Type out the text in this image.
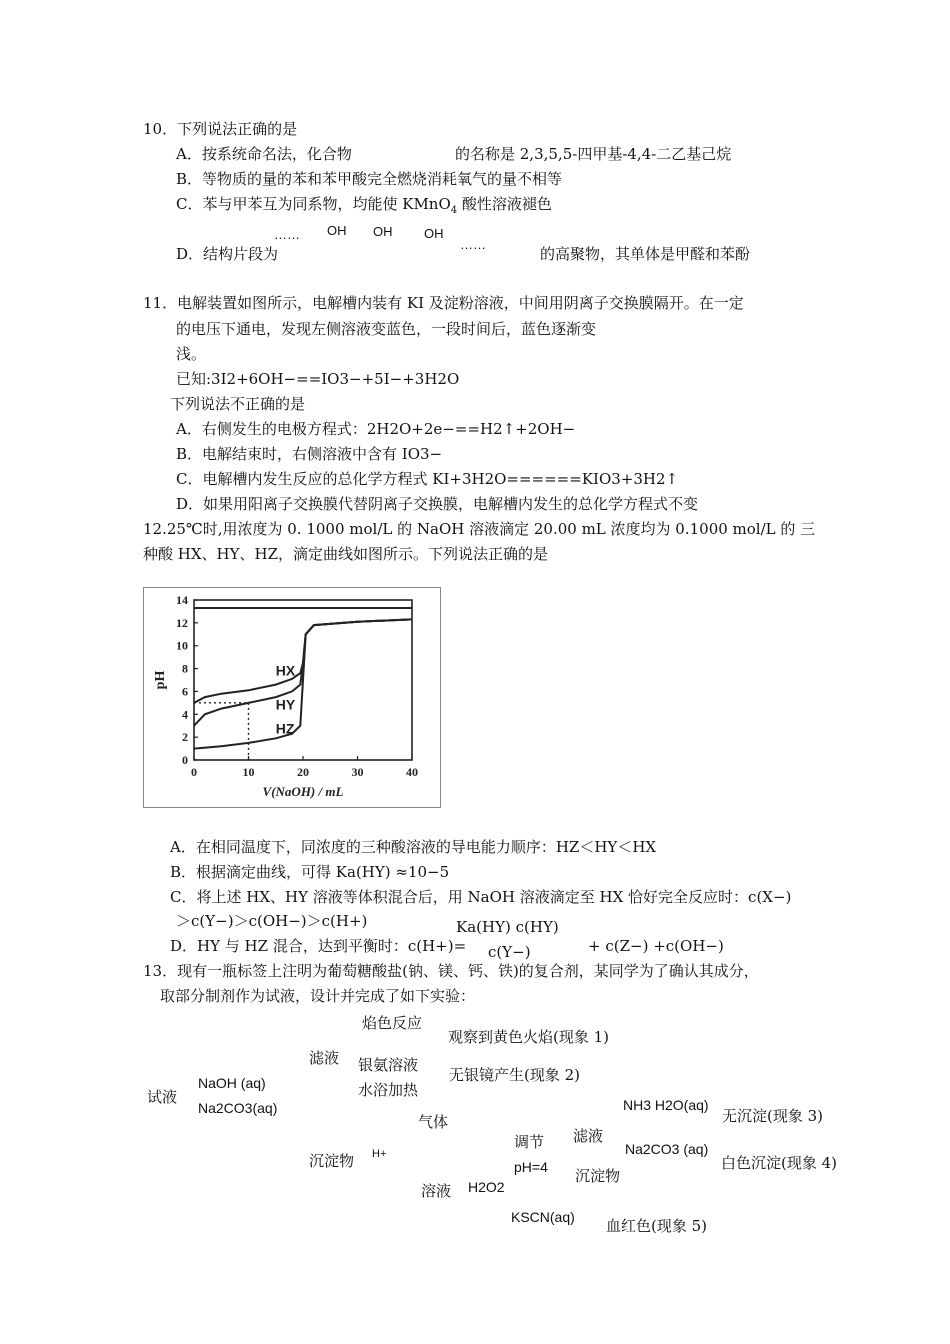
10．下列说法正确的是
A．按系统命名法，化合物	的名称是 2,3,5,5-四甲基-4,4-二乙基己烷
B．等物质的量的苯和苯甲酸完全燃烧消耗氧气的量不相等
C．苯与甲苯互为同系物，均能使 KMnO$_4$ 酸性溶液褪色
…… OH OH OH
D．结构片段为
……
的高聚物，其单体是甲醛和苯酚
11．电解装置如图所示，电解槽内装有 KI 及淀粉溶液，中间用阴离子交换膜隔开。在一定
的电压下通电，发现左侧溶液变蓝色，一段时间后，蓝色逐渐变
浅。
已知:3I2+6OH−==IO3−+5I−+3H2O
下列说法不正确的是
A．右侧发生的电极方程式：2H2O+2e−==H2↑+2OH−
B．电解结束时，右侧溶液中含有 IO3−
C．电解槽内发生反应的总化学方程式 KI+3H2O======KIO3+3H2↑
D．如果用阳离子交换膜代替阴离子交换膜，电解槽内发生的总化学方程式不变
12.25℃时,用浓度为 0. 1000 mol/L 的 NaOH 溶液滴定 20.00 mL 浓度均为 0.1000 mol/L 的 三
种酸 HX、HY、HZ，滴定曲线如图所示。下列说法正确的是
0
2
4
6
8
10
12
14
0	10	20	30	40
V(NaOH) / mL
pH
HX
HY
HZ
A．在相同温度下，同浓度的三种酸溶液的导电能力顺序：HZ＜HY＜HX
B．根据滴定曲线，可得 Ka(HY) ≈10−5
C．将上述 HX、HY 溶液等体积混合后，用 NaOH 溶液滴定至 HX 恰好完全反应时：c(X−)
＞c(Y−)＞c(OH−)＞c(H+)	Ka(HY) c(HY)
D．HY 与 HZ 混合，达到平衡时：c(H+)= c(Y−)	+ c(Z−) +c(OH−)
13．现有一瓶标签上注明为葡萄糖酸盐(钠、镁、钙、铁)的复合剂，某同学为了确认其成分，
取部分制剂作为试液，设计并完成了如下实验：
焰色反应
观察到黄色火焰(现象 1)
滤液 银氨溶液
无银镜产生(现象 2)
NaOH (aq)	水浴加热
试液	NH3 H2O(aq)
Na2CO3(aq)	无沉淀(现象 3)
气体
滤液
调节	Na2CO3 (aq)
H+
沉淀物	白色沉淀(现象 4)
pH=4 沉淀物
H2O2
溶液
KSCN(aq) 血红色(现象 5)
